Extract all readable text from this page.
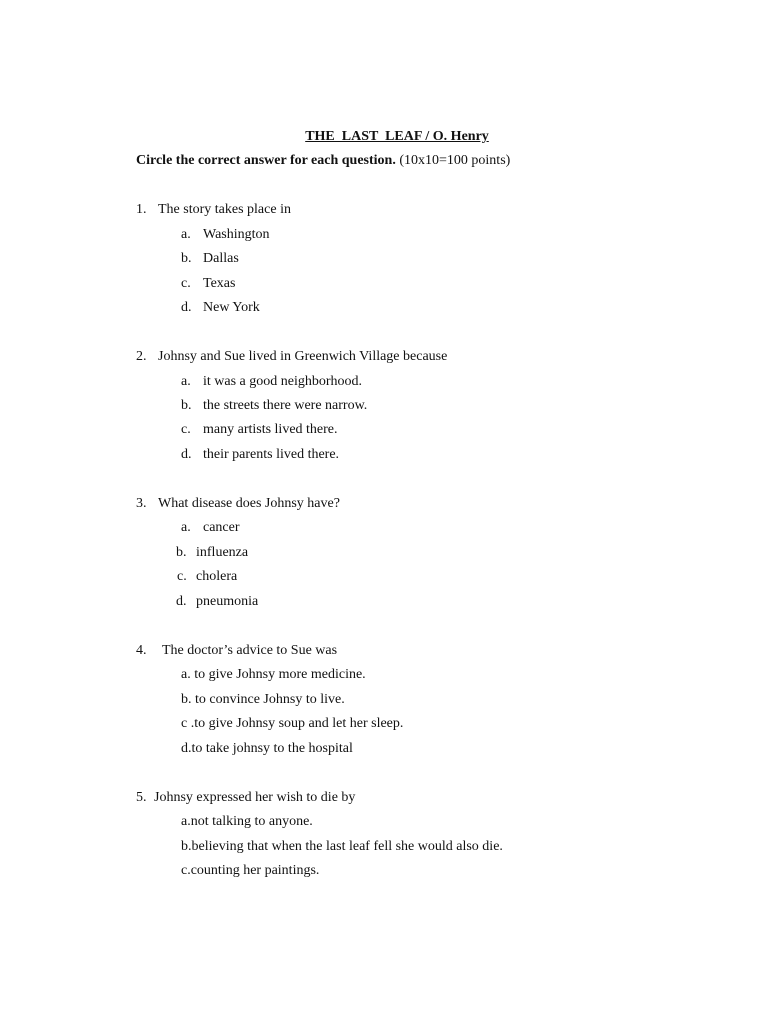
THE  LAST  LEAF / O. Henry
Circle the correct answer for each question. (10x10=100 points)
1. The story takes place in
a. Washington
b. Dallas
c. Texas
d. New York
2. Johnsy and Sue lived in Greenwich Village because
a. it was a good neighborhood.
b. the streets there were narrow.
c. many artists lived there.
d. their parents lived there.
3. What disease does Johnsy have?
a. cancer
b. influenza
c. cholera
d. pneumonia
4. The doctor’s advice to Sue was
a. to give Johnsy more medicine.
b. to convince Johnsy to live.
c .to give Johnsy soup and let her sleep.
d.to take johnsy to the hospital
5. Johnsy expressed her wish to die by
a.not talking to anyone.
b.believing that when the last leaf fell she would also die.
c.counting her paintings.
